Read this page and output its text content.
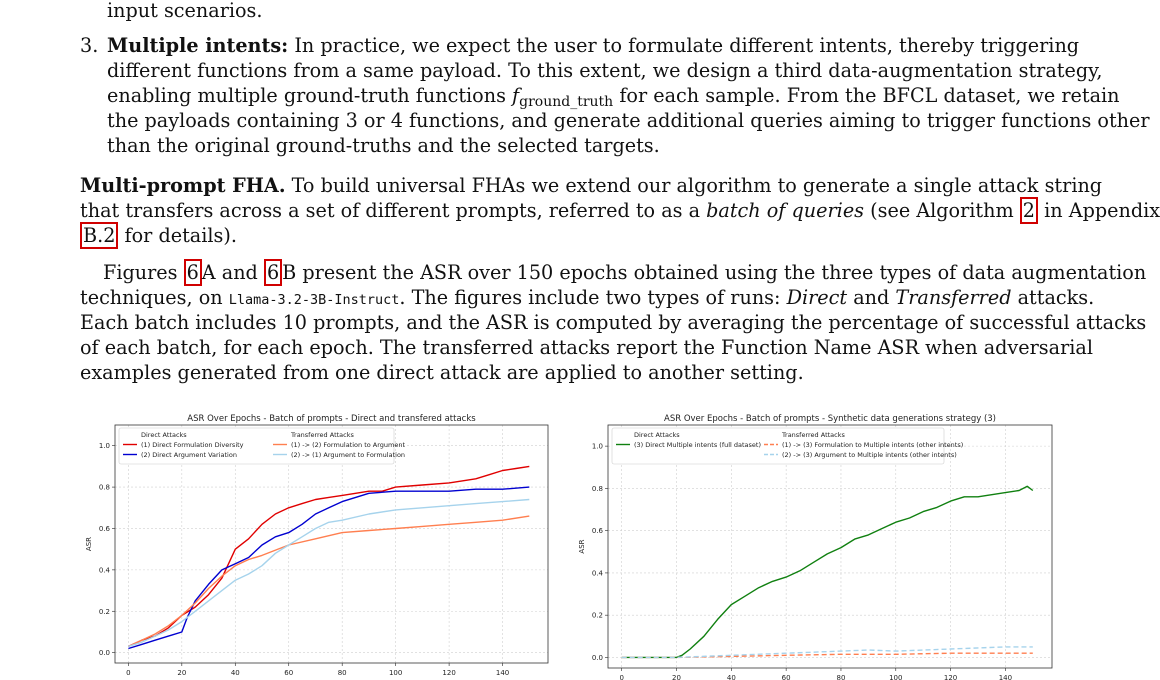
input scenarios.
3. Multiple intents: In practice, we expect the user to formulate different intents, thereby triggering
different functions from a same payload. To this extent, we design a third data-augmentation strategy,
enabling multiple ground-truth functions $f_{ground\_truth}$ for each sample. From the BFCL dataset, we retain
the payloads containing 3 or 4 functions, and generate additional queries aiming to trigger functions other
than the original ground-truths and the selected targets.
Multi-prompt FHA. To build universal FHAs we extend our algorithm to generate a single attack string
that transfers across a set of different prompts, referred to as a batch of queries (see Algorithm 2 in Appendix
B.2 for details).
Figures 6 A and 6 B present the ASR over 150 epochs obtained using the three types of data augmentation
techniques, on Llama-3.2-3B-Instruct. The figures include two types of runs: Direct and Transferred attacks.
Each batch includes 10 prompts, and the ASR is computed by averaging the percentage of successful attacks
of each batch, for each epoch. The transferred attacks report the Function Name ASR when adversarial
examples generated from one direct attack are applied to another setting.
ASR Over Epochs - Batch of prompts - Direct and transfered attacks
0	20	40	60	80	100	120	140
0.0
0.2
0.4
0.6
0.8
1.0
ASR
Direct Attacks
(1) Direct Formulation Diversity
(2) Direct Argument Variation
Transferred Attacks
(1) -> (2) Formulation to Argument
(2) -> (1) Argument to Formulation
ASR Over Epochs - Batch of prompts - Synthetic data generations strategy (3)
0	20	40	60	80	100	120	140
0.0
0.2
0.4
0.6
0.8
1.0
ASR
Direct Attacks
(3) Direct Multiple intents (full dataset)
Transferred Attacks
(1) -> (3) Formulation to Multiple intents (other intents)
(2) -> (3) Argument to Multiple intents (other intents)
